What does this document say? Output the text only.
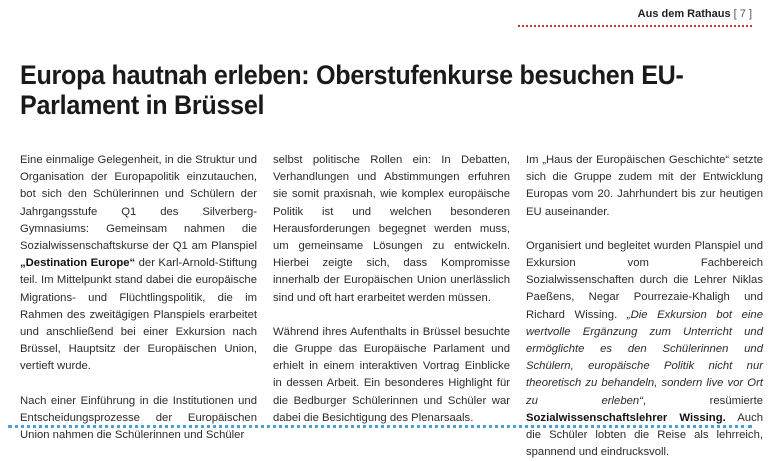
Aus dem Rathaus [ 7 ]
Europa hautnah erleben: Oberstufenkurse besuchen EU-Parlament in Brüssel

Eine einmalige Gelegenheit, in die Struktur und Organisation der Europapolitik einzutauchen, bot sich den Schülerinnen und Schülern der Jahrgangsstufe Q1 des Silverberg-Gymnasiums: Gemeinsam nahmen die Sozialwissenschaftskurse der Q1 am Planspiel „Destination Europe“ der Karl-Arnold-Stiftung teil. Im Mittelpunkt stand dabei die europäische Migrations- und Flüchtlingspolitik, die im Rahmen des zweitägigen Planspiels erarbeitet und anschließend bei einer Exkursion nach Brüssel, Hauptsitz der Europäischen Union, vertieft wurde.

Nach einer Einführung in die Institutionen und Entscheidungsprozesse der Europäischen Union nahmen die Schülerinnen und Schüler

selbst politische Rollen ein: In Debatten, Verhandlungen und Abstimmungen erfuhren sie somit praxisnah, wie komplex europäische Politik ist und welchen besonderen Herausforderungen begegnet werden muss, um gemeinsame Lösungen zu entwickeln. Hierbei zeigte sich, dass Kompromisse innerhalb der Europäischen Union unerlässlich sind und oft hart erarbeitet werden müssen.

Während ihres Aufenthalts in Brüssel besuchte die Gruppe das Europäische Parlament und erhielt in einem interaktiven Vortrag Einblicke in dessen Arbeit. Ein besonderes Highlight für die Bedburger Schülerinnen und Schüler war dabei die Besichtigung des Plenarsaals.

Im „Haus der Europäischen Geschichte“ setzte sich die Gruppe zudem mit der Entwicklung Europas vom 20. Jahrhundert bis zur heutigen EU auseinander.

Organisiert und begleitet wurden Planspiel und Exkursion vom Fachbereich Sozialwissenschaften durch die Lehrer Niklas Paeßens, Negar Pourrezaie-Khaligh und Richard Wissing. „Die Exkursion bot eine wertvolle Ergänzung zum Unterricht und ermöglichte es den Schülerinnen und Schülern, europäische Politik nicht nur theoretisch zu behandeln, sondern live vor Ort zu erleben“, resümierte Sozialwissenschaftslehrer Wissing. Auch die Schüler lobten die Reise als lehrreich, spannend und eindrucksvoll.
